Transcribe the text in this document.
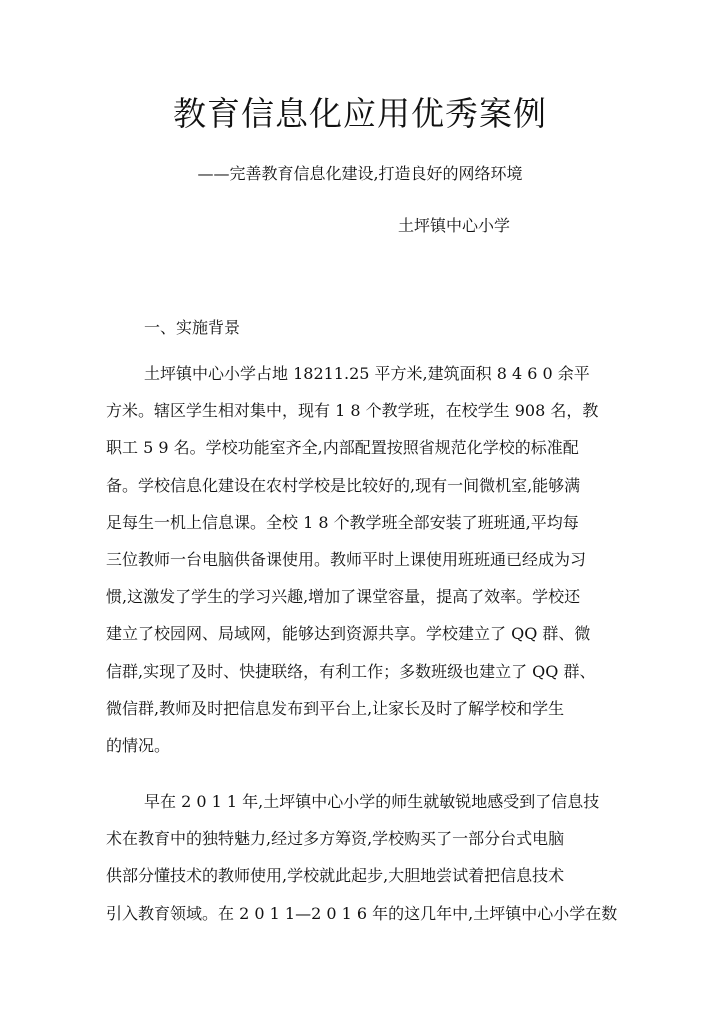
教育信息化应用优秀案例
——完善教育信息化建设,打造良好的网络环境
土坪镇中心小学
一、实施背景
土坪镇中心小学占地 18211.25 平方米,建筑面积 8 4 6 0 余平
方米。辖区学生相对集中，现有 1 8 个教学班，在校学生 908 名，教
职工 5 9 名。学校功能室齐全,内部配置按照省规范化学校的标准配
备。学校信息化建设在农村学校是比较好的,现有一间微机室,能够满
足每生一机上信息课。全校 1 8 个教学班全部安装了班班通,平均每
三位教师一台电脑供备课使用。教师平时上课使用班班通已经成为习
惯,这激发了学生的学习兴趣,增加了课堂容量，提高了效率。学校还
建立了校园网、局域网，能够达到资源共享。学校建立了 QQ 群、微
信群,实现了及时、快捷联络，有利工作；多数班级也建立了 QQ 群、
微信群,教师及时把信息发布到平台上,让家长及时了解学校和学生
的情况。
早在 2 0 1 1 年,土坪镇中心小学的师生就敏锐地感受到了信息技
术在教育中的独特魅力,经过多方筹资,学校购买了一部分台式电脑
供部分懂技术的教师使用,学校就此起步,大胆地尝试着把信息技术
引入教育领域。在 2 0 1 1—2 0 1 6 年的这几年中,土坪镇中心小学在数
